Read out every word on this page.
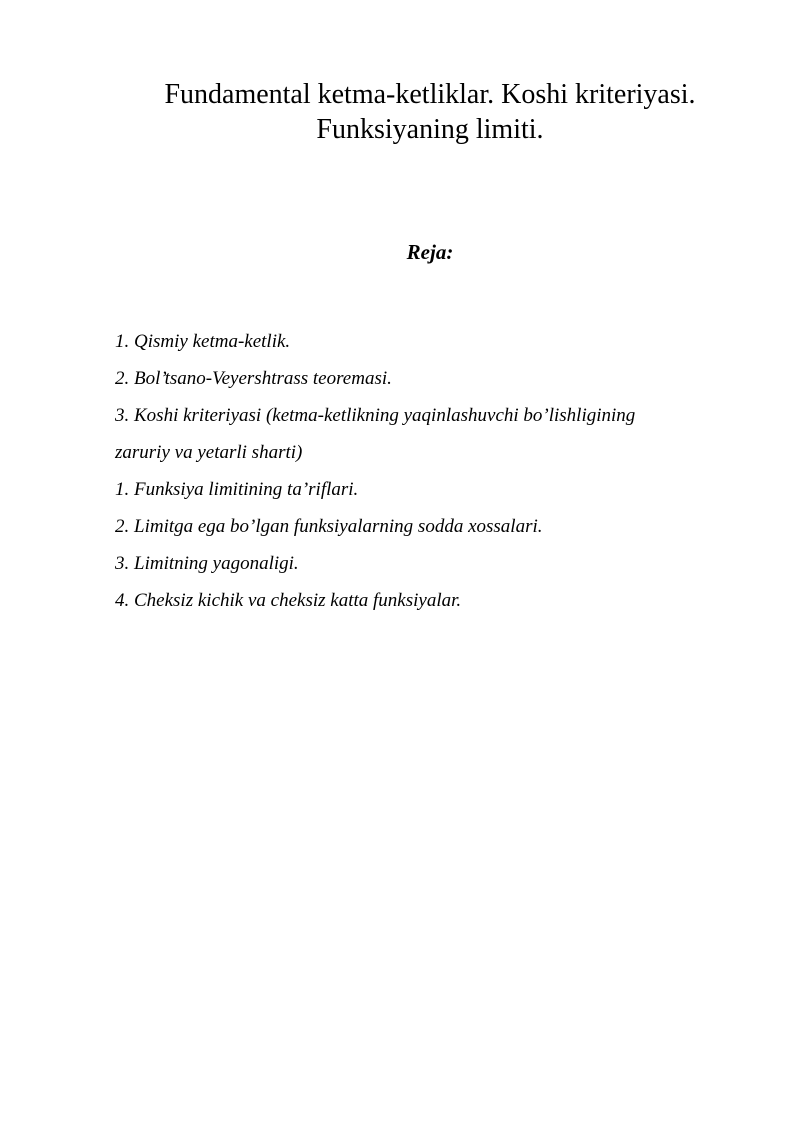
Fundamental ketma-ketliklar. Koshi kriteriyasi.
Funksiyaning limiti.
Reja:
1. Qismiy ketma-ketlik.
2. Bol’tsano-Veyershtrass teoremasi.
3. Koshi kriteriyasi (ketma-ketlikning yaqinlashuvchi bo’lishligining
zaruriy va yetarli sharti)
1. Funksiya limitining ta’riflari.
2. Limitga ega bo’lgan funksiyalarning sodda xossalari.
3. Limitning yagonaligi.
4. Cheksiz kichik va cheksiz katta funksiyalar.
